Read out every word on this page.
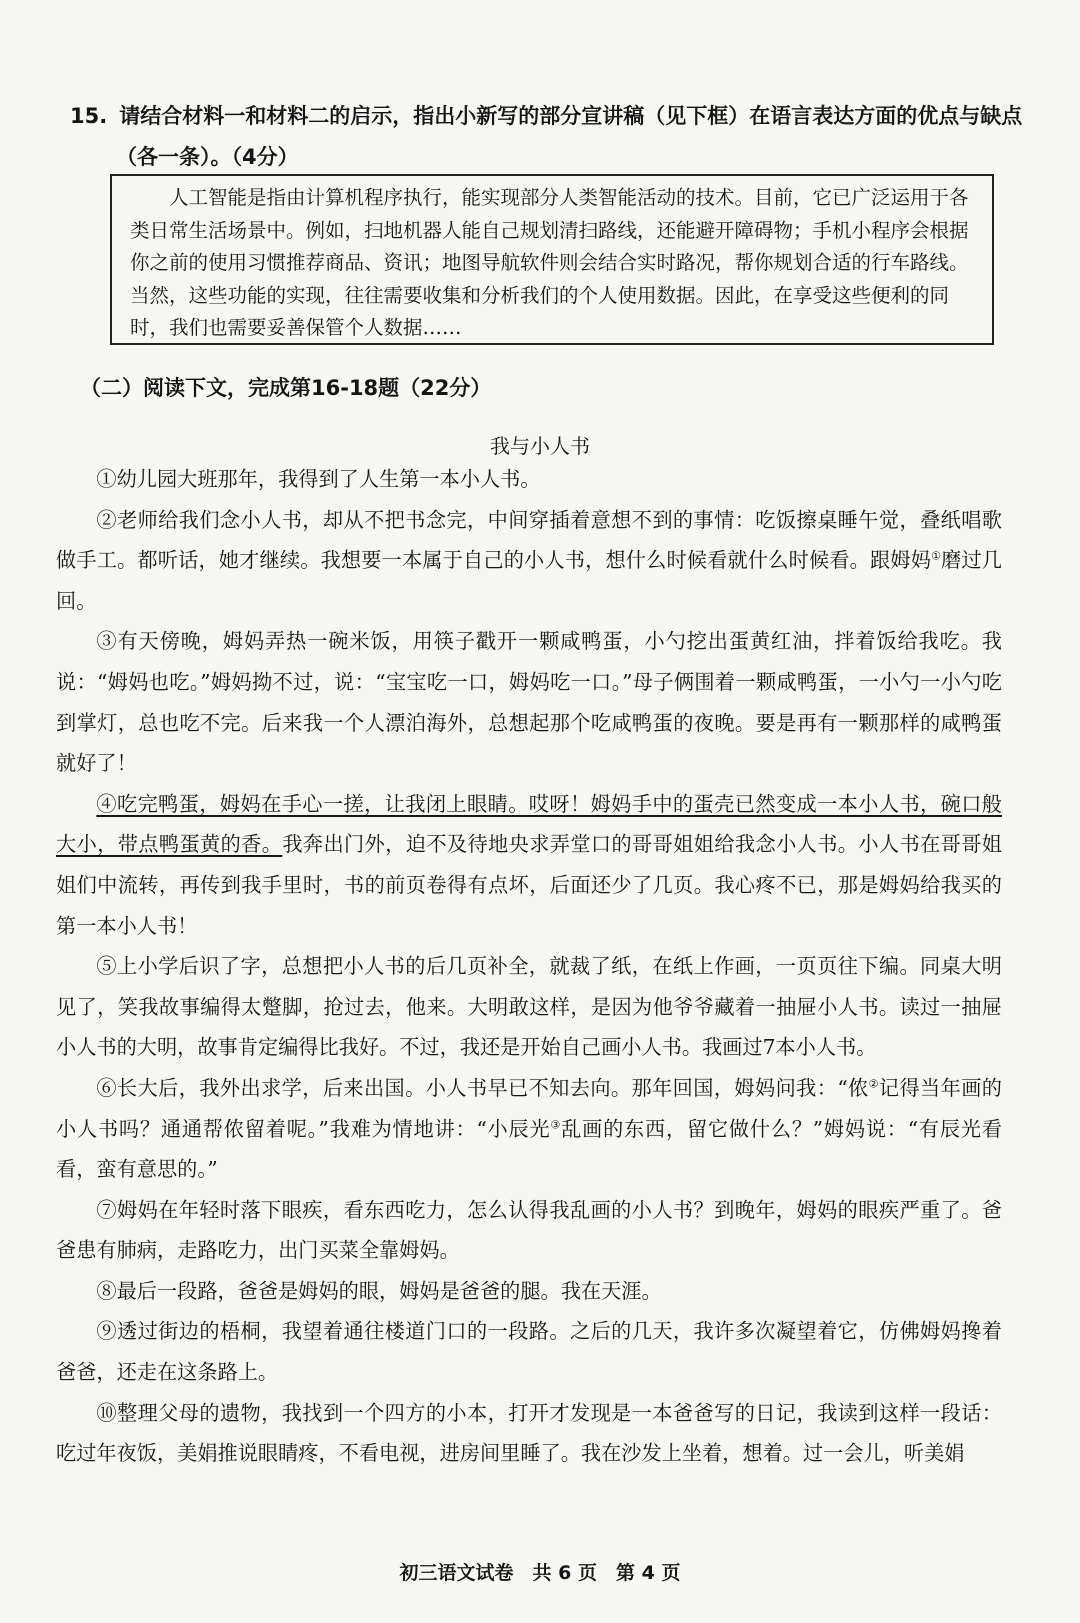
15. 请结合材料一和材料二的启示，指出小新写的部分宣讲稿（见下框）在语言表达方面的优点与缺点
（各一条）。（4分）
人工智能是指由计算机程序执行，能实现部分人类智能活动的技术。目前，它已广泛运用于各类日常生活场景中。例如，扫地机器人能自己规划清扫路线，还能避开障碍物；手机小程序会根据你之前的使用习惯推荐商品、资讯；地图导航软件则会结合实时路况，帮你规划合适的行车路线。当然，这些功能的实现，往往需要收集和分析我们的个人使用数据。因此，在享受这些便利的同时，我们也需要妥善保管个人数据……
（二）阅读下文，完成第16-18题（22分）
我与小人书

①幼儿园大班那年，我得到了人生第一本小人书。

②老师给我们念小人书，却从不把书念完，中间穿插着意想不到的事情：吃饭擦桌睡午觉，叠纸唱歌做手工。都听话，她才继续。我想要一本属于自己的小人书，想什么时候看就什么时候看。跟姆妈①磨过几回。

③有天傍晚，姆妈弄热一碗米饭，用筷子戳开一颗咸鸭蛋，小勺挖出蛋黄红油，拌着饭给我吃。我说：“姆妈也吃。”姆妈拗不过，说：“宝宝吃一口，姆妈吃一口。”母子俩围着一颗咸鸭蛋，一小勺一小勺吃到掌灯，总也吃不完。后来我一个人漂泊海外，总想起那个吃咸鸭蛋的夜晚。要是再有一颗那样的咸鸭蛋就好了！

④吃完鸭蛋，姆妈在手心一搓，让我闭上眼睛。哎呀！姆妈手中的蛋壳已然变成一本小人书，碗口般大小，带点鸭蛋黄的香。我奔出门外，迫不及待地央求弄堂口的哥哥姐姐给我念小人书。小人书在哥哥姐姐们中流转，再传到我手里时，书的前页卷得有点坏，后面还少了几页。我心疼不已，那是姆妈给我买的第一本小人书！

⑤上小学后识了字，总想把小人书的后几页补全，就裁了纸，在纸上作画，一页页往下编。同桌大明见了，笑我故事编得太蹩脚，抢过去，他来。大明敢这样，是因为他爷爷藏着一抽屉小人书。读过一抽屉小人书的大明，故事肯定编得比我好。不过，我还是开始自己画小人书。我画过7本小人书。

⑥长大后，我外出求学，后来出国。小人书早已不知去向。那年回国，姆妈问我：“侬②记得当年画的小人书吗？通通帮侬留着呢。”我难为情地讲：“小辰光③乱画的东西，留它做什么？”姆妈说：“有辰光看看，蛮有意思的。”

⑦姆妈在年轻时落下眼疾，看东西吃力，怎么认得我乱画的小人书？到晚年，姆妈的眼疾严重了。爸爸患有肺病，走路吃力，出门买菜全靠姆妈。

⑧最后一段路，爸爸是姆妈的眼，姆妈是爸爸的腿。我在天涯。

⑨透过街边的梧桐，我望着通往楼道门口的一段路。之后的几天，我许多次凝望着它，仿佛姆妈搀着爸爸，还走在这条路上。

⑩整理父母的遗物，我找到一个四方的小本，打开才发现是一本爸爸写的日记，我读到这样一段话：吃过年夜饭，美娟推说眼睛疼，不看电视，进房间里睡了。我在沙发上坐着，想着。过一会儿，听美娟

初三语文试卷　共 6 页　第 4 页
